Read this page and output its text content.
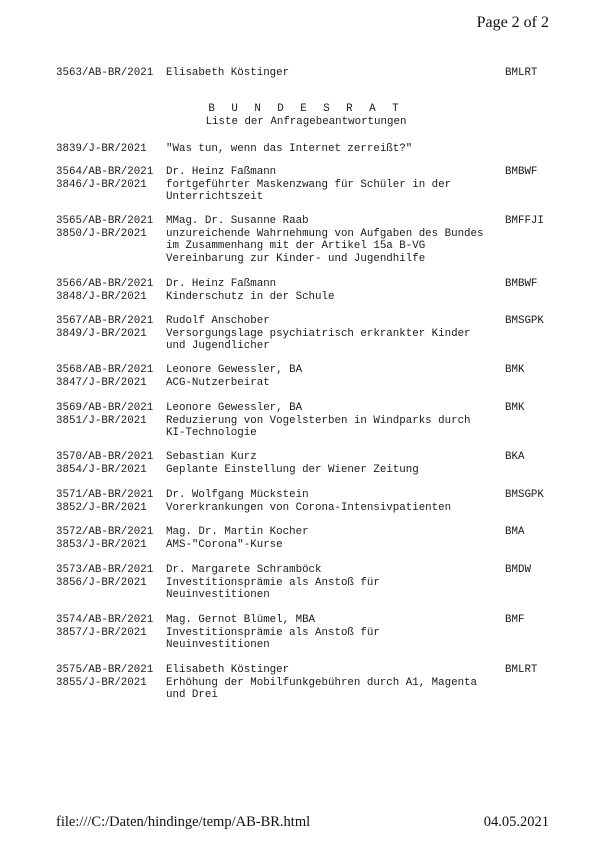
Page 2 of 2
3563/AB-BR/2021 Elisabeth Köstinger	BMLRT
B U N D E S R A T
Liste der Anfragebeantwortungen
3839/J-BR/2021 "Was tun, wenn das Internet zerreißt?"
3564/AB-BR/2021
3846/J-BR/2021
Dr. Heinz Faßmann
fortgeführter Maskenzwang für Schüler in der Unterrichtszeit
BMBWF
3565/AB-BR/2021
3850/J-BR/2021
MMag. Dr. Susanne Raab
unzureichende Wahrnehmung von Aufgaben des Bundes im Zusammenhang mit der Artikel 15a B-VG Vereinbarung zur Kinder- und Jugendhilfe
BMFFJI
3566/AB-BR/2021
3848/J-BR/2021
Dr. Heinz Faßmann
Kinderschutz in der Schule
BMBWF
3567/AB-BR/2021
3849/J-BR/2021
Rudolf Anschober
Versorgungslage psychiatrisch erkrankter Kinder und Jugendlicher
BMSGPK
3568/AB-BR/2021
3847/J-BR/2021
Leonore Gewessler, BA
ACG-Nutzerbeirat
BMK
3569/AB-BR/2021
3851/J-BR/2021
Leonore Gewessler, BA
Reduzierung von Vogelsterben in Windparks durch KI-Technologie
BMK
3570/AB-BR/2021
3854/J-BR/2021
Sebastian Kurz
Geplante Einstellung der Wiener Zeitung
BKA
3571/AB-BR/2021
3852/J-BR/2021
Dr. Wolfgang Mückstein
Vorerkrankungen von Corona-Intensivpatienten
BMSGPK
3572/AB-BR/2021
3853/J-BR/2021
Mag. Dr. Martin Kocher
AMS-"Corona"-Kurse
BMA
3573/AB-BR/2021
3856/J-BR/2021
Dr. Margarete Schramböck
Investitionsprämie als Anstoß für Neuinvestitionen
BMDW
3574/AB-BR/2021
3857/J-BR/2021
Mag. Gernot Blümel, MBA
Investitionsprämie als Anstoß für Neuinvestitionen
BMF
3575/AB-BR/2021
3855/J-BR/2021
Elisabeth Köstinger
Erhöhung der Mobilfunkgebühren durch A1, Magenta und Drei
BMLRT
file:///C:/Daten/hindinge/temp/AB-BR.html	04.05.2021
